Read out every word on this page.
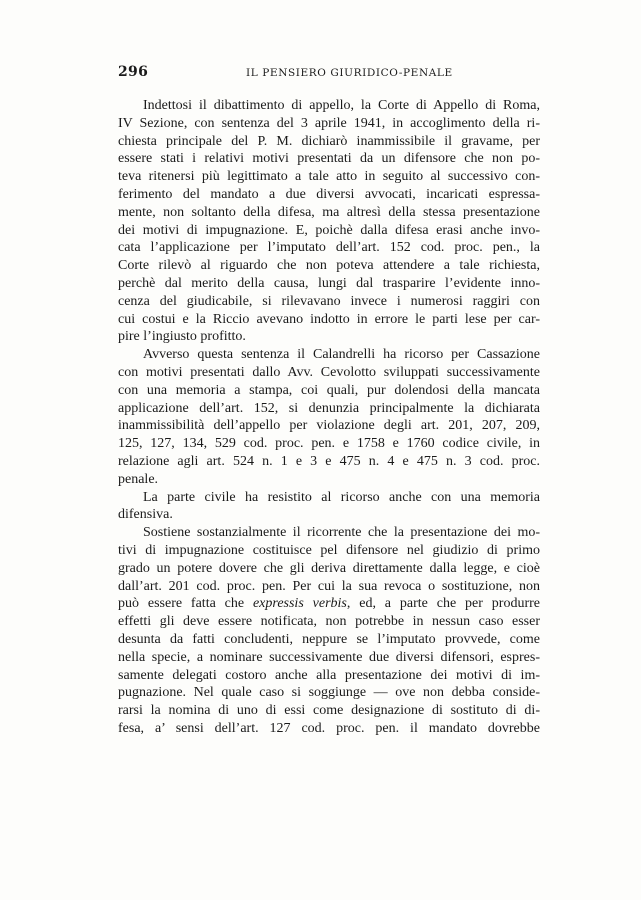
296	IL PENSIERO GIURIDICO-PENALE
Indettosi il dibattimento di appello, la Corte di Appello di Roma,
IV Sezione, con sentenza del 3 aprile 1941, in accoglimento della ri-
chiesta principale del P. M. dichiarò inammissibile il gravame, per
essere stati i relativi motivi presentati da un difensore che non po-
teva ritenersi più legittimato a tale atto in seguito al successivo con-
ferimento del mandato a due diversi avvocati, incaricati espressa-
mente, non soltanto della difesa, ma altresì della stessa presentazione
dei motivi di impugnazione. E, poichè dalla difesa erasi anche invo-
cata l’applicazione per l’imputato dell’art. 152 cod. proc. pen., la
Corte rilevò al riguardo che non poteva attendere a tale richiesta,
perchè dal merito della causa, lungi dal trasparire l’evidente inno-
cenza del giudicabile, si rilevavano invece i numerosi raggiri con
cui costui e la Riccio avevano indotto in errore le parti lese per car-
pire l’ingiusto profitto.
Avverso questa sentenza il Calandrelli ha ricorso per Cassazione
con motivi presentati dallo Avv. Cevolotto sviluppati successivamente
con una memoria a stampa, coi quali, pur dolendosi della mancata
applicazione dell’art. 152, si denunzia principalmente la dichiarata
inammissibilità dell’appello per violazione degli art. 201, 207, 209,
125, 127, 134, 529 cod. proc. pen. e 1758 e 1760 codice civile, in
relazione agli art. 524 n. 1 e 3 e 475 n. 4 e 475 n. 3 cod. proc.
penale.
La parte civile ha resistito al ricorso anche con una memoria
difensiva.
Sostiene sostanzialmente il ricorrente che la presentazione dei mo-
tivi di impugnazione costituisce pel difensore nel giudizio di primo
grado un potere dovere che gli deriva direttamente dalla legge, e cioè
dall’art. 201 cod. proc. pen. Per cui la sua revoca o sostituzione, non
può essere fatta che expressis verbis, ed, a parte che per produrre
effetti gli deve essere notificata, non potrebbe in nessun caso esser
desunta da fatti concludenti, neppure se l’imputato provvede, come
nella specie, a nominare successivamente due diversi difensori, espres-
samente delegati costoro anche alla presentazione dei motivi di im-
pugnazione. Nel quale caso si soggiunge — ove non debba conside-
rarsi la nomina di uno di essi come designazione di sostituto di di-
fesa, a’ sensi dell’art. 127 cod. proc. pen. il mandato dovrebbe
